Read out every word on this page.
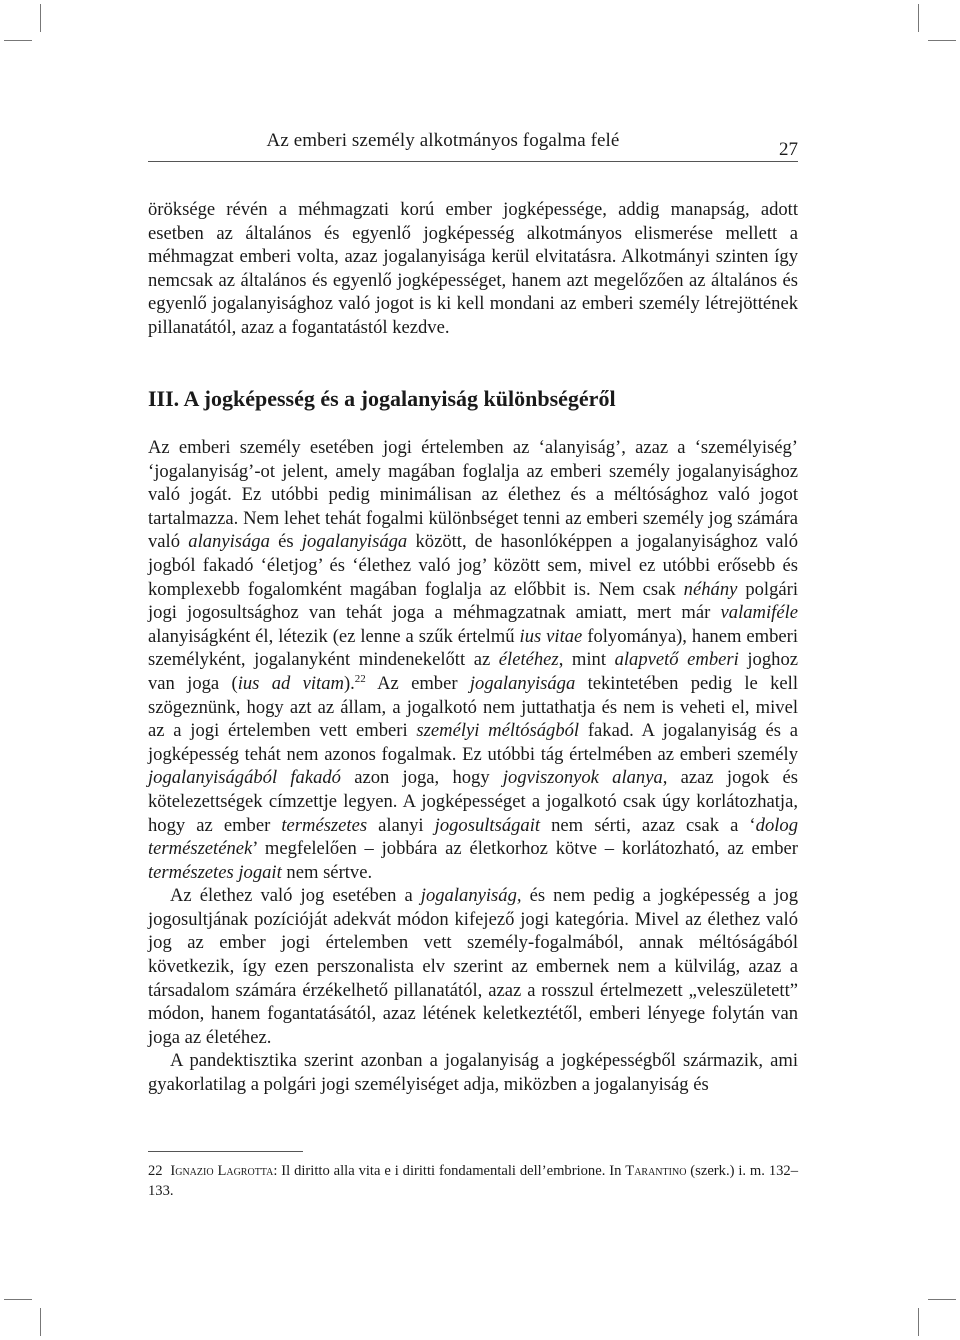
Az emberi személy alkotmányos fogalma felé	27

öröksége révén a méhmagzati korú ember jogképessége, addig manapság, adott esetben az általános és egyenlő jogképesség alkotmányos elismerése mellett a méhmagzat emberi volta, azaz jogalanyisága kerül elvitatásra. Alkotmányi szinten így nemcsak az általános és egyenlő jogképességet, hanem azt megelőzően az általános és egyenlő jogalanyisághoz való jogot is ki kell mondani az emberi személy létrejöttének pillanatától, azaz a fogantatástól kezdve.

III. A jogképesség és a jogalanyiság különbségéről

Az emberi személy esetében jogi értelemben az ‘alanyiság’, azaz a ‘személyiség’ ‘jogalanyiság’-ot jelent, amely magában foglalja az emberi személy jogalanyisághoz való jogát. Ez utóbbi pedig minimálisan az élethez és a méltósághoz való jogot tartalmazza. Nem lehet tehát fogalmi különbséget tenni az emberi személy jog számára való alanyisága és jogalanyisága között, de hasonlóképpen a jogalanyisághoz való jogból fakadó ‘életjog’ és ‘élethez való jog’ között sem, mivel ez utóbbi erősebb és komplexebb fogalomként magában foglalja az előbbit is. Nem csak néhány polgári jogi jogosultsághoz van tehát joga a méhmagzatnak amiatt, mert már valamiféle alanyiságként él, létezik (ez lenne a szűk értelmű ius vitae folyománya), hanem emberi személyként, jogalanyként mindenekelőtt az életéhez, mint alapvető emberi joghoz van joga (ius ad vitam).$^{22}$ Az ember jogalanyisága tekintetében pedig le kell szögeznünk, hogy azt az állam, a jogalkotó nem juttathatja és nem is veheti el, mivel az a jogi értelemben vett emberi személyi méltóságból fakad. A jogalanyiság és a jogképesség tehát nem azonos fogalmak. Ez utóbbi tág értelmében az emberi személy jogalanyiságából fakadó azon joga, hogy jogviszonyok alanya, azaz jogok és kötelezettségek címzettje legyen. A jogképességet a jogalkotó csak úgy korlátozhatja, hogy az ember természetes alanyi jogosultságait nem sérti, azaz csak a ‘dolog természetének’ megfelelően – jobbára az életkorhoz kötve – korlátozható, az ember természetes jogait nem sértve.

Az élethez való jog esetében a jogalanyiság, és nem pedig a jogképesség a jog jogosultjának pozícióját adekvát módon kifejező jogi kategória. Mivel az élethez való jog az ember jogi értelemben vett személy-fogalmából, annak méltóságából következik, így ezen perszonalista elv szerint az embernek nem a külvilág, azaz a társadalom számára érzékelhető pillanatától, azaz a rosszul értelmezett „veleszületett” módon, hanem fogantatásától, azaz létének keletkeztétől, emberi lényege folytán van joga az életéhez.

A pandektisztika szerint azonban a jogalanyiság a jogképességből származik, ami gyakorlatilag a polgári jogi személyiséget adja, miközben a jogalanyiság és

22 Ignazio Lagrotta: Il diritto alla vita e i diritti fondamentali dell’embrione. In Tarantino (szerk.) i. m. 132–133.
